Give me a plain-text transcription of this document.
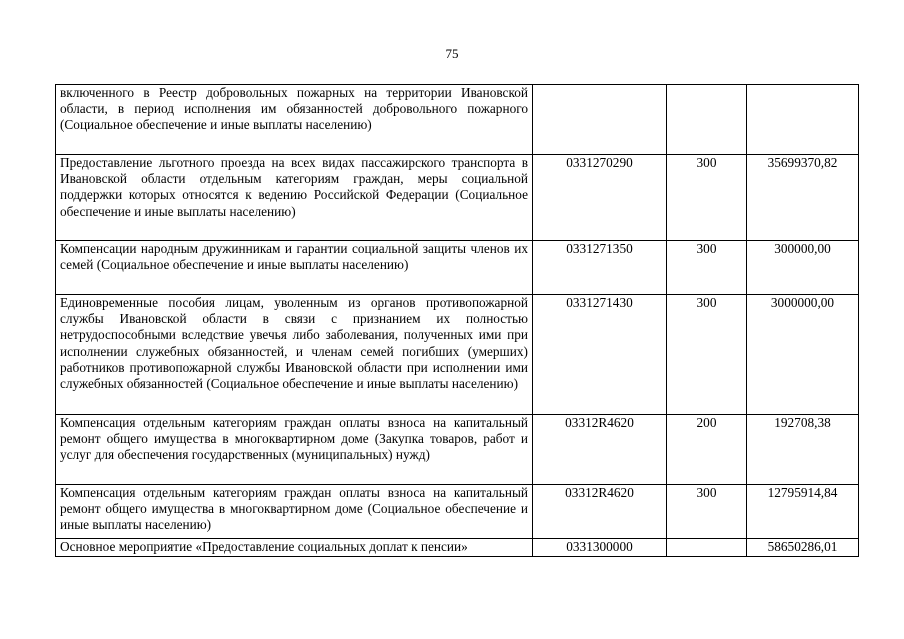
75
включенного в Реестр добровольных пожарных на территории Ивановской области, в период исполнения им обязанностей добровольного пожарного (Социальное обеспечение и иные выплаты населению)			
Предоставление льготного проезда на всех видах пассажирского транспорта в Ивановской области отдельным категориям граждан, меры социальной поддержки которых относятся к ведению Российской Федерации (Социальное обеспечение и иные выплаты населению)	0331270290	300	35699370,82
Компенсации народным дружинникам и гарантии социальной защиты членов их семей (Социальное обеспечение и иные выплаты населению)	0331271350	300	300000,00
Единовременные пособия лицам, уволенным из органов противопожарной службы Ивановской области в связи с признанием их полностью нетрудоспособными вследствие увечья либо заболевания, полученных ими при исполнении служебных обязанностей, и членам семей погибших (умерших) работников противопожарной службы Ивановской области при исполнении ими служебных обязанностей (Социальное обеспечение и иные выплаты населению)	0331271430	300	3000000,00
Компенсация отдельным категориям граждан оплаты взноса на капитальный ремонт общего имущества в многоквартирном доме (Закупка товаров, работ и услуг для обеспечения государственных (муниципальных) нужд)	03312R4620	200	192708,38
Компенсация отдельным категориям граждан оплаты взноса на капитальный ремонт общего имущества в многоквартирном доме (Социальное обеспечение и иные выплаты населению)	03312R4620	300	12795914,84
Основное мероприятие «Предоставление социальных доплат к пенсии»	0331300000		58650286,01
